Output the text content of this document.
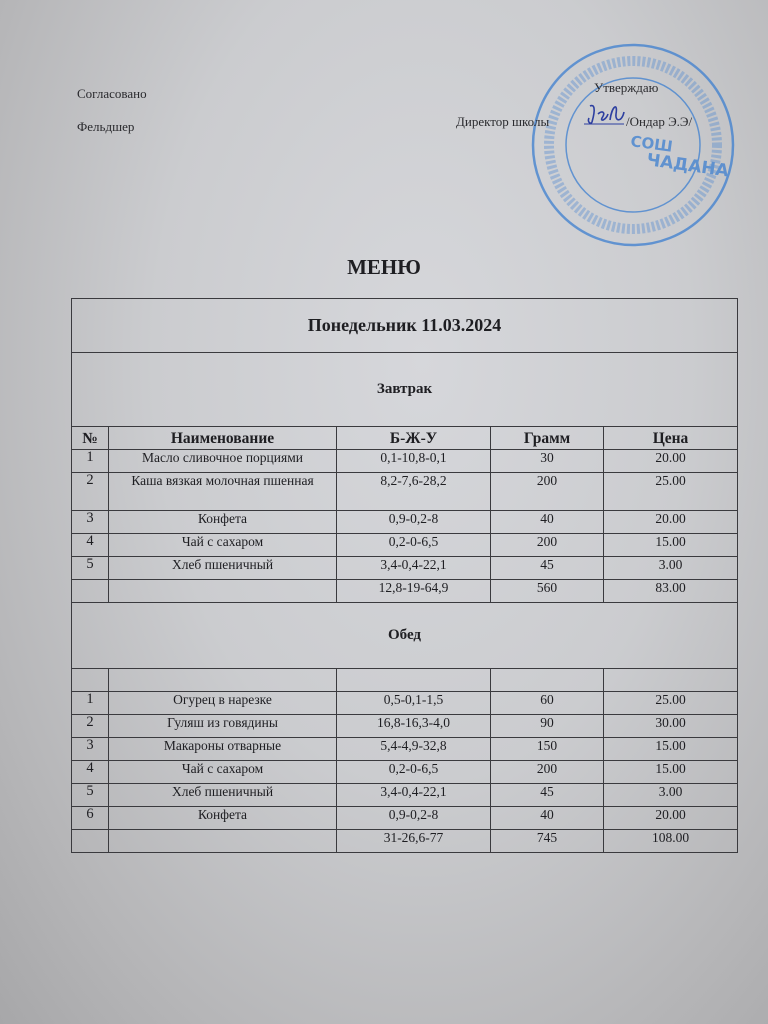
Согласовано
Фельдшер
ЧАДАНА
СОШ
Утверждаю
Директор школы	/Ондар Э.Э/
МЕНЮ
Понедельник 11.03.2024				
Завтрак				
№	Наименование	Б-Ж-У	Грамм	Цена
1	Масло сливочное порциями	0,1-10,8-0,1	30	20.00
2	Каша вязкая молочная пшенная	8,2-7,6-28,2	200	25.00
3	Конфета	0,9-0,2-8	40	20.00
4	Чай с сахаром	0,2-0-6,5	200	15.00
5	Хлеб пшеничный	3,4-0,4-22,1	45	3.00
		12,8-19-64,9	560	83.00
Обед				

1	Огурец в нарезке	0,5-0,1-1,5	60	25.00
2	Гуляш из говядины	16,8-16,3-4,0	90	30.00
3	Макароны отварные	5,4-4,9-32,8	150	15.00
4	Чай с сахаром	0,2-0-6,5	200	15.00
5	Хлеб пшеничный	3,4-0,4-22,1	45	3.00
6	Конфета	0,9-0,2-8	40	20.00
		31-26,6-77	745	108.00
